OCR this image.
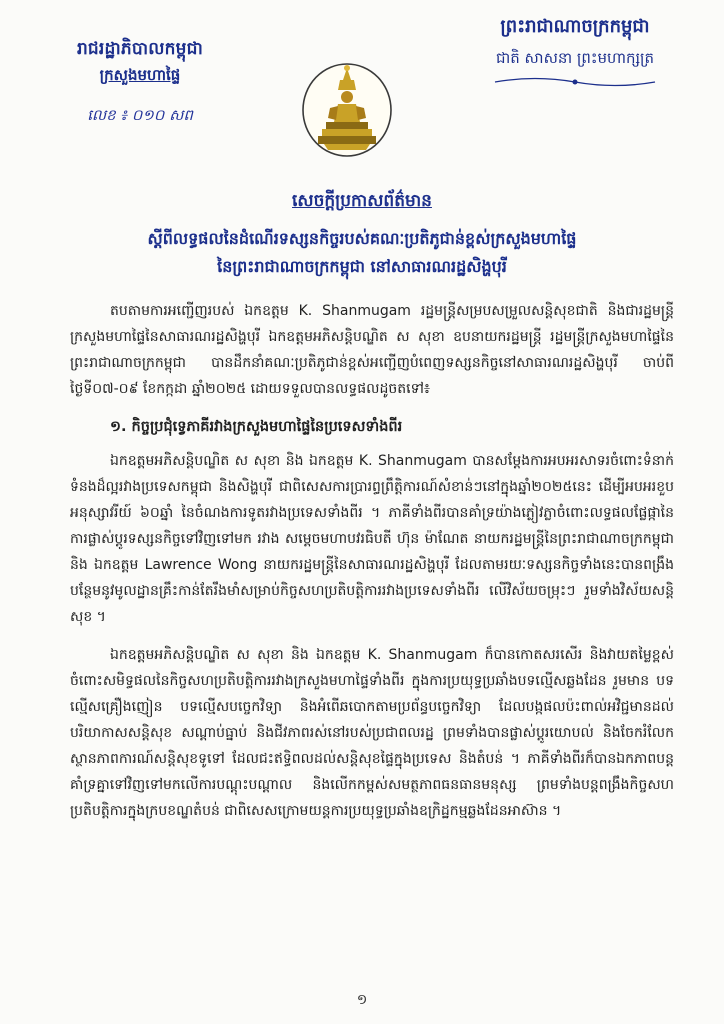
រាជរដ្ឋាភិបាលកម្ពុជា
ក្រសួងមហាផ្ទៃ
លេខ ៖ ០១០ សព
ព្រះរាជាណាចក្រកម្ពុជា
ជាតិ សាសនា ព្រះមហាក្សត្រ
សេចក្តីប្រកាសព័ត៌មាន
ស្តីពីលទ្ធផលនៃដំណើរទស្សនកិច្ចរបស់គណៈប្រតិភូជាន់ខ្ពស់ក្រសួងមហាផ្ទៃ
នៃព្រះរាជាណាចក្រកម្ពុជា នៅសាធារណរដ្ឋសិង្ហបុរី

តបតាមការអញ្ជើញរបស់ ឯកឧត្តម K. Shanmugam រដ្ឋមន្ត្រីសម្របសម្រួលសន្តិសុខជាតិ និងជារដ្ឋមន្ត្រីក្រសួងមហាផ្ទៃនៃសាធារណរដ្ឋសិង្ហបុរី ឯកឧត្តមអភិសន្តិបណ្ឌិត ស សុខា ឧបនាយករដ្ឋមន្ត្រី រដ្ឋមន្ត្រីក្រសួងមហាផ្ទៃនៃព្រះរាជាណាចក្រកម្ពុជា បានដឹកនាំគណៈប្រតិភូជាន់ខ្ពស់អញ្ជើញបំពេញទស្សនកិច្ចនៅសាធារណរដ្ឋសិង្ហបុរី ចាប់ពីថ្ងៃទី០៧-០៩ ខែកក្កដា ឆ្នាំ២០២៥ ដោយទទួលបានលទ្ធផលដូចតទៅ៖

១. កិច្ចប្រជុំទ្វេភាគីរវាងក្រសួងមហាផ្ទៃនៃប្រទេសទាំងពីរ

ឯកឧត្តមអភិសន្តិបណ្ឌិត ស សុខា និង ឯកឧត្តម K. Shanmugam បានសម្តែងការអបអរសាទរចំពោះទំនាក់ទំនងដ៏ល្អរវាងប្រទេសកម្ពុជា និងសិង្ហបុរី ជាពិសេសការប្រារព្ធព្រឹត្តិការណ៍សំខាន់ៗនៅក្នុងឆ្នាំ២០២៥នេះ ដើម្បីអបអរខួបអនុស្សាវរីយ៍ ៦០ឆ្នាំ នៃចំណងការទូតរវាងប្រទេសទាំងពីរ ។ ភាគីទាំងពីរបានគាំទ្រយ៉ាងភ្លៀវភ្លាចំពោះលទ្ធផលផ្លែផ្កានៃការផ្លាស់ប្តូរទស្សនកិច្ចទៅវិញទៅមក រវាង សម្តេចមហាបវរធិបតី ហ៊ុន ម៉ាណែត នាយករដ្ឋមន្ត្រីនៃព្រះរាជាណាចក្រកម្ពុជា និង ឯកឧត្តម Lawrence Wong នាយករដ្ឋមន្ត្រីនៃសាធារណរដ្ឋសិង្ហបុរី ដែលតាមរយៈទស្សនកិច្ចទាំងនេះបានពង្រឹងបន្ថែមនូវមូលដ្ឋានគ្រឹះកាន់តែរឹងមាំសម្រាប់កិច្ចសហប្រតិបត្តិការរវាងប្រទេសទាំងពីរ លើវិស័យចម្រុះៗ រួមទាំងវិស័យសន្តិសុខ ។

ឯកឧត្តមអភិសន្តិបណ្ឌិត ស សុខា និង ឯកឧត្តម K. Shanmugam ក៏បានកោតសរសើរ និងវាយតម្លៃខ្ពស់ចំពោះសមិទ្ធផលនៃកិច្ចសហប្រតិបត្តិការរវាងក្រសួងមហាផ្ទៃទាំងពីរ ក្នុងការប្រយុទ្ធប្រឆាំងបទល្មើសឆ្លងដែន រួមមាន បទល្មើសគ្រឿងញៀន បទល្មើសបច្ចេកវិទ្យា និងអំពើឆបោកតាមប្រព័ន្ធបច្ចេកវិទ្យា ដែលបង្កផលប៉ះពាល់អវិជ្ជមានដល់បរិយាកាសសន្តិសុខ សណ្តាប់ធ្នាប់ និងជីវភាពរស់នៅរបស់ប្រជាពលរដ្ឋ ព្រមទាំងបានផ្លាស់ប្តូរយោបល់ និងចែករំលែកស្ថានភាពការណ៍សន្តិសុខទូទៅ ដែលជះឥទ្ធិពលដល់សន្តិសុខផ្ទៃក្នុងប្រទេស និងតំបន់ ។ ភាគីទាំងពីរក៏បានឯកភាពបន្តគាំទ្រគ្នាទៅវិញទៅមកលើការបណ្តុះបណ្តាល និងលើកកម្ពស់សមត្ថភាពធនធានមនុស្ស ព្រមទាំងបន្តពង្រឹងកិច្ចសហប្រតិបត្តិការក្នុងក្របខណ្ឌតំបន់ ជាពិសេសក្រោមយន្តការប្រយុទ្ធប្រឆាំងឧក្រិដ្ឋកម្មឆ្លងដែនអាស៊ាន ។

១
